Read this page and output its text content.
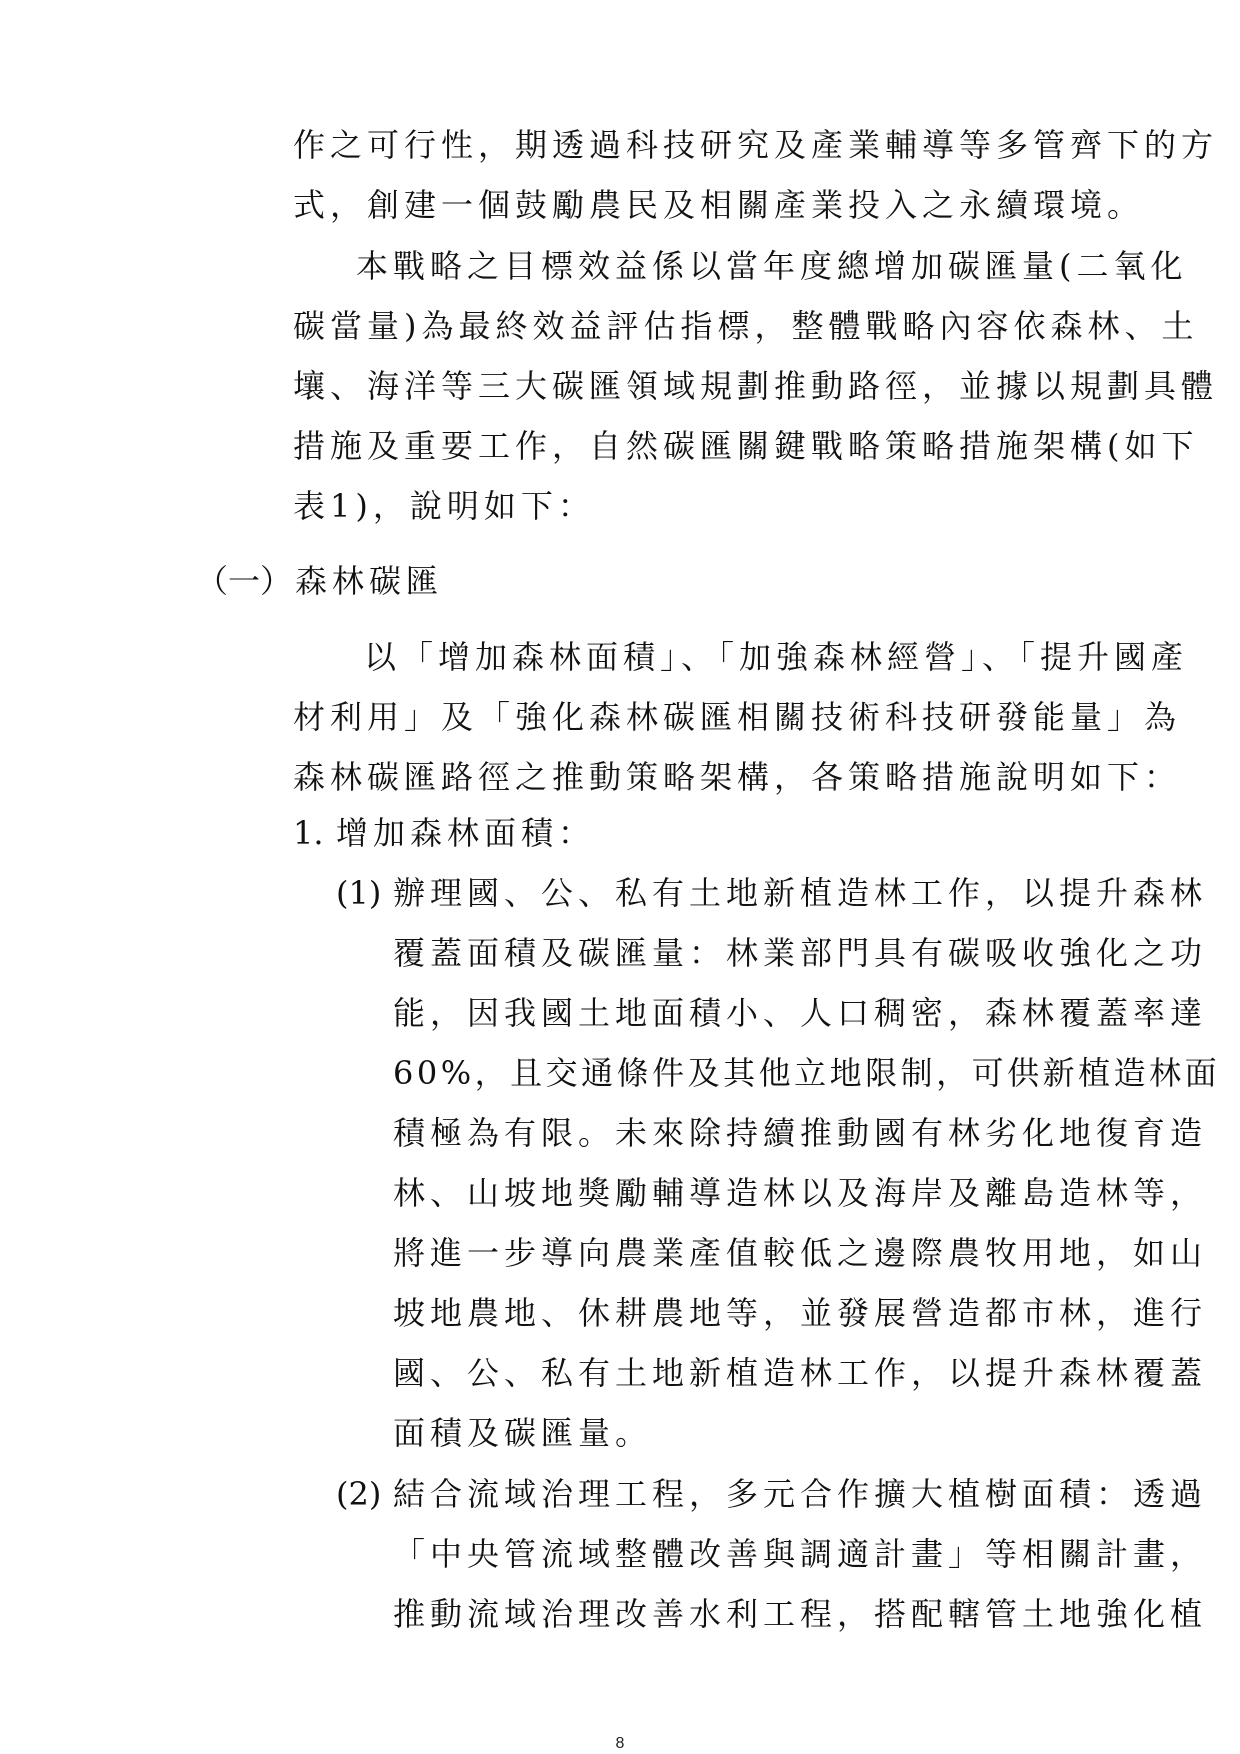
作之可行性，期透過科技研究及產業輔導等多管齊下的方
式，創建一個鼓勵農民及相關產業投入之永續環境。
本戰略之目標效益係以當年度總增加碳匯量(二氧化
碳當量)為最終效益評估指標，整體戰略內容依森林、土
壤、海洋等三大碳匯領域規劃推動路徑，並據以規劃具體
措施及重要工作，自然碳匯關鍵戰略策略措施架構(如下
表1)，說明如下：
（一） 森林碳匯
以「增加森林面積」、「加強森林經營」、「提升國產
材利用」及「強化森林碳匯相關技術科技研發能量」為
森林碳匯路徑之推動策略架構，各策略措施說明如下：
1. 增加森林面積：
(1) 辦理國、公、私有土地新植造林工作，以提升森林
覆蓋面積及碳匯量：林業部門具有碳吸收強化之功
能，因我國土地面積小、人口稠密，森林覆蓋率達
60%，且交通條件及其他立地限制，可供新植造林面
積極為有限。未來除持續推動國有林劣化地復育造
林、山坡地獎勵輔導造林以及海岸及離島造林等，
將進一步導向農業產值較低之邊際農牧用地，如山
坡地農地、休耕農地等，並發展營造都市林，進行
國、公、私有土地新植造林工作，以提升森林覆蓋
面積及碳匯量。
(2) 結合流域治理工程，多元合作擴大植樹面積：透過
「中央管流域整體改善與調適計畫」等相關計畫，
推動流域治理改善水利工程，搭配轄管土地強化植
8
